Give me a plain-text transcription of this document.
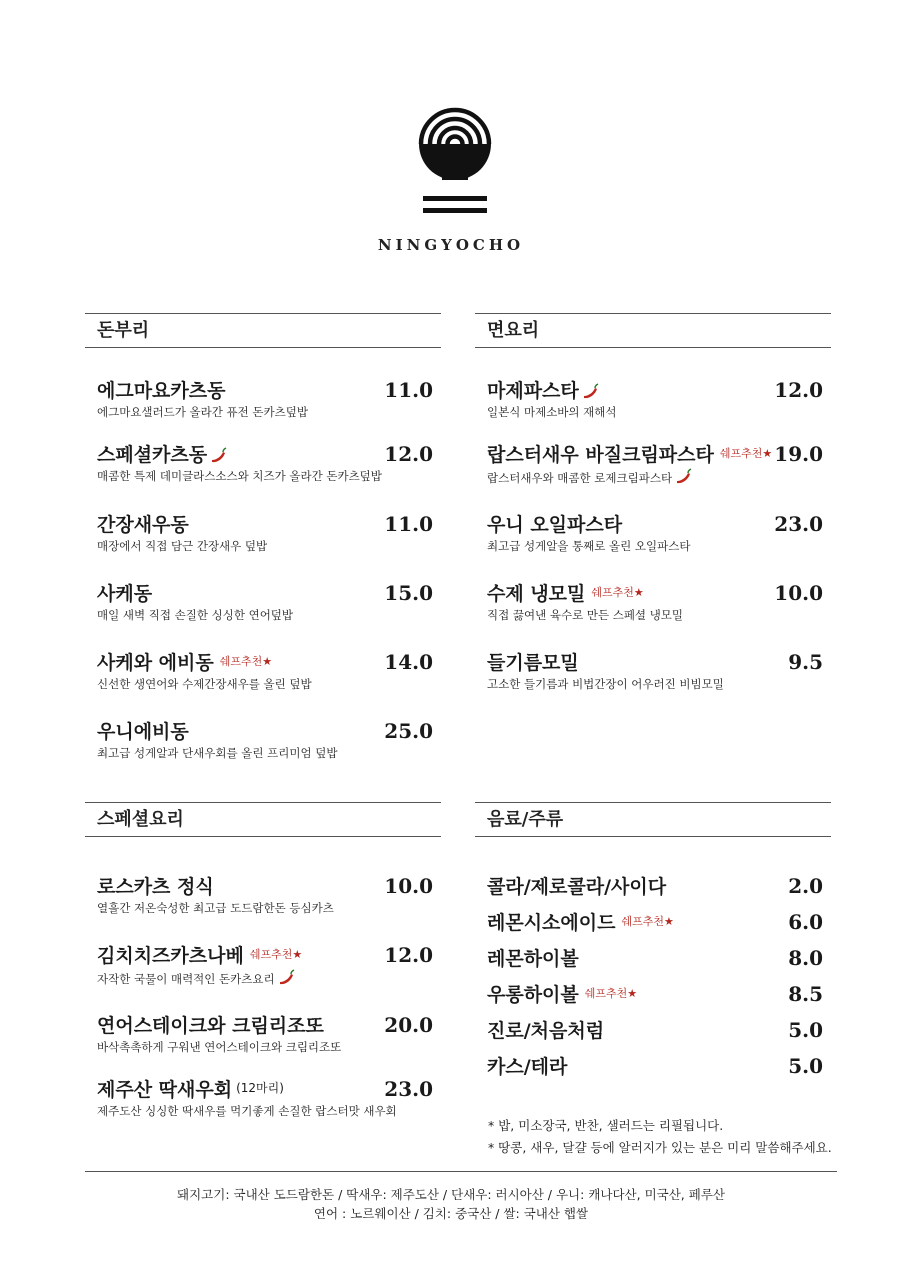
NINGYOCHO
돈부리
에그마요카츠동	11.0
에그마요샐러드가 올라간 퓨전 돈카츠덮밥
스페셜카츠동	12.0
매콤한 특제 데미글라스소스와 치즈가 올라간 돈카츠덮밥
간장새우동	11.0
매장에서 직접 담근 간장새우 덮밥
사케동	15.0
매일 새벽 직접 손질한 싱싱한 연어덮밥
사케와 에비동 $^{쉐프추천★}$	14.0
신선한 생연어와 수제간장새우를 올린 덮밥
우니에비동	25.0
최고급 성게알과 단새우회를 올린 프리미엄 덮밥
면요리
마제파스타	12.0
일본식 마제소바의 재해석
랍스터새우 바질크림파스타 $^{쉐프추천★}$ 19.0
랍스터새우와 매콤한 로제크림파스타
우니 오일파스타	23.0
최고급 성게알을 통째로 올린 오일파스타
수제 냉모밀 $^{쉐프추천★}$	10.0
직접 끓여낸 육수로 만든 스페셜 냉모밀
들기름모밀	9.5
고소한 들기름과 비법간장이 어우러진 비빔모밀
스페셜요리
로스카츠 정식	10.0
열흘간 저온숙성한 최고급 도드람한돈 등심카츠
김치치즈카츠나베 $^{쉐프추천★}$	12.0
자작한 국물이 매력적인 돈카츠요리
연어스테이크와 크림리조또	20.0
바삭촉촉하게 구워낸 연어스테이크와 크림리조또
제주산 딱새우회 $^{(12마리)}$	23.0
제주도산 싱싱한 딱새우를 먹기좋게 손질한 랍스터맛 새우회
음료/주류
콜라/제로콜라/사이다	2.0
레몬시소에이드 $^{쉐프추천★}$	6.0
레몬하이볼	8.0
우롱하이볼 $^{쉐프추천★}$	8.5
진로/처음처럼	5.0
카스/테라	5.0
* 밥, 미소장국, 반찬, 샐러드는 리필됩니다.
* 땅콩, 새우, 달걀 등에 알러지가 있는 분은 미리 말씀해주세요.
돼지고기: 국내산 도드람한돈 / 딱새우: 제주도산 / 단새우: 러시아산 / 우니: 캐나다산, 미국산, 페루산
연어 : 노르웨이산 / 김치: 중국산 / 쌀: 국내산 햅쌀
